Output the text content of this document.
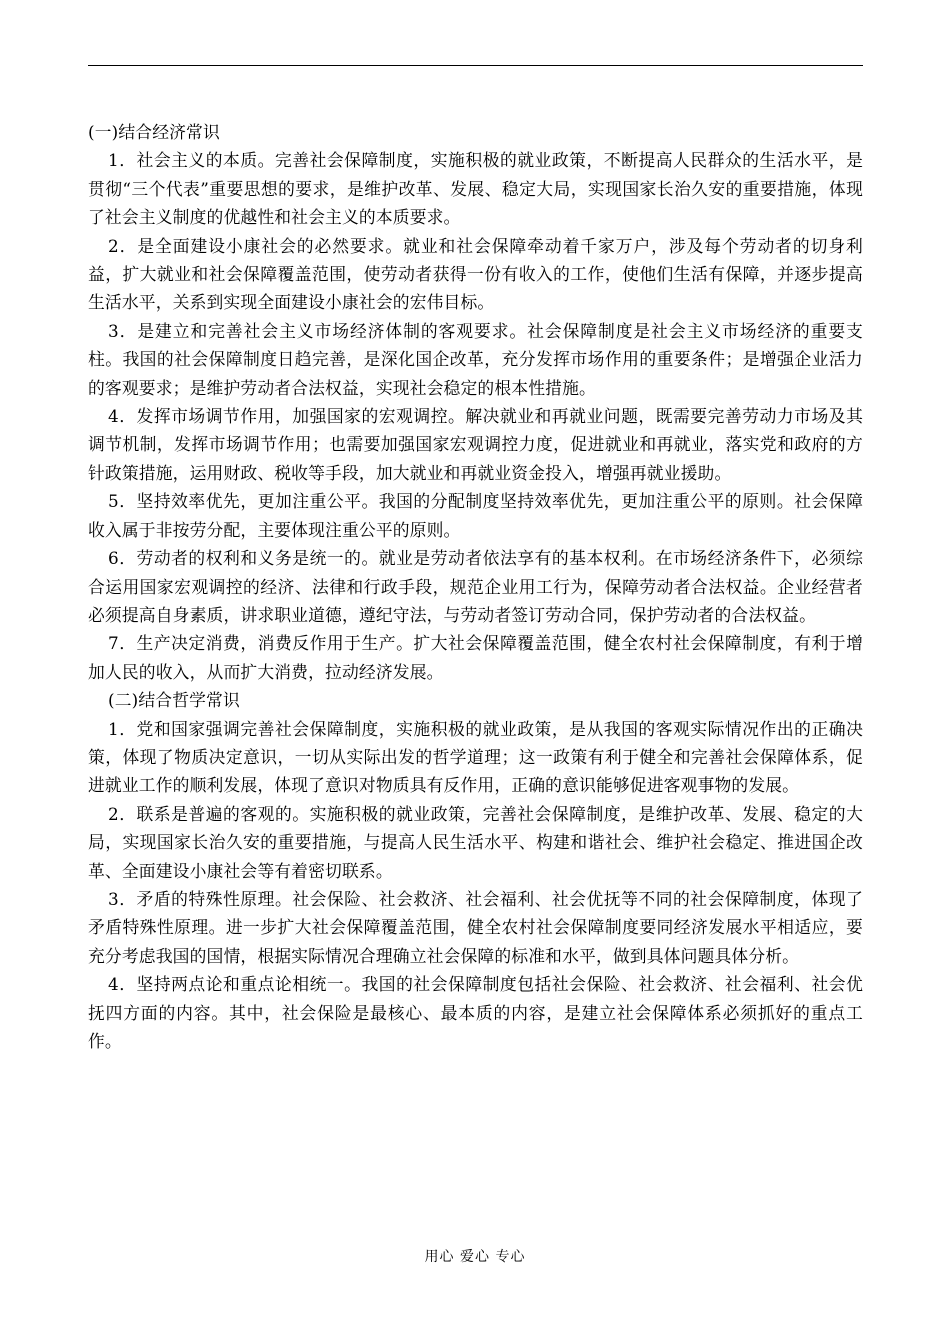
(一)结合经济常识

1．社会主义的本质。完善社会保障制度，实施积极的就业政策，不断提高人民群众的生活水平，是贯彻“三个代表”重要思想的要求，是维护改革、发展、稳定大局，实现国家长治久安的重要措施，体现了社会主义制度的优越性和社会主义的本质要求。

2．是全面建设小康社会的必然要求。就业和社会保障牵动着千家万户，涉及每个劳动者的切身利益，扩大就业和社会保障覆盖范围，使劳动者获得一份有收入的工作，使他们生活有保障，并逐步提高生活水平，关系到实现全面建设小康社会的宏伟目标。

3．是建立和完善社会主义市场经济体制的客观要求。社会保障制度是社会主义市场经济的重要支柱。我国的社会保障制度日趋完善，是深化国企改革，充分发挥市场作用的重要条件；是增强企业活力的客观要求；是维护劳动者合法权益，实现社会稳定的根本性措施。

4．发挥市场调节作用，加强国家的宏观调控。解决就业和再就业问题，既需要完善劳动力市场及其调节机制，发挥市场调节作用；也需要加强国家宏观调控力度，促进就业和再就业，落实党和政府的方针政策措施，运用财政、税收等手段，加大就业和再就业资金投入，增强再就业援助。

5．坚持效率优先，更加注重公平。我国的分配制度坚持效率优先，更加注重公平的原则。社会保障收入属于非按劳分配，主要体现注重公平的原则。

6．劳动者的权利和义务是统一的。就业是劳动者依法享有的基本权利。在市场经济条件下，必须综合运用国家宏观调控的经济、法律和行政手段，规范企业用工行为，保障劳动者合法权益。企业经营者必须提高自身素质，讲求职业道德，遵纪守法，与劳动者签订劳动合同，保护劳动者的合法权益。

7．生产决定消费，消费反作用于生产。扩大社会保障覆盖范围，健全农村社会保障制度，有利于增加人民的收入，从而扩大消费，拉动经济发展。

(二)结合哲学常识

1．党和国家强调完善社会保障制度，实施积极的就业政策，是从我国的客观实际情况作出的正确决策，体现了物质决定意识，一切从实际出发的哲学道理；这一政策有利于健全和完善社会保障体系，促进就业工作的顺利发展，体现了意识对物质具有反作用，正确的意识能够促进客观事物的发展。

2．联系是普遍的客观的。实施积极的就业政策，完善社会保障制度，是维护改革、发展、稳定的大局，实现国家长治久安的重要措施，与提高人民生活水平、构建和谐社会、维护社会稳定、推进国企改革、全面建设小康社会等有着密切联系。

3．矛盾的特殊性原理。社会保险、社会救济、社会福利、社会优抚等不同的社会保障制度，体现了矛盾特殊性原理。进一步扩大社会保障覆盖范围，健全农村社会保障制度要同经济发展水平相适应，要充分考虑我国的国情，根据实际情况合理确立社会保障的标准和水平，做到具体问题具体分析。

4．坚持两点论和重点论相统一。我国的社会保障制度包括社会保险、社会救济、社会福利、社会优抚四方面的内容。其中，社会保险是最核心、最本质的内容，是建立社会保障体系必须抓好的重点工作。

用心 爱心 专心
